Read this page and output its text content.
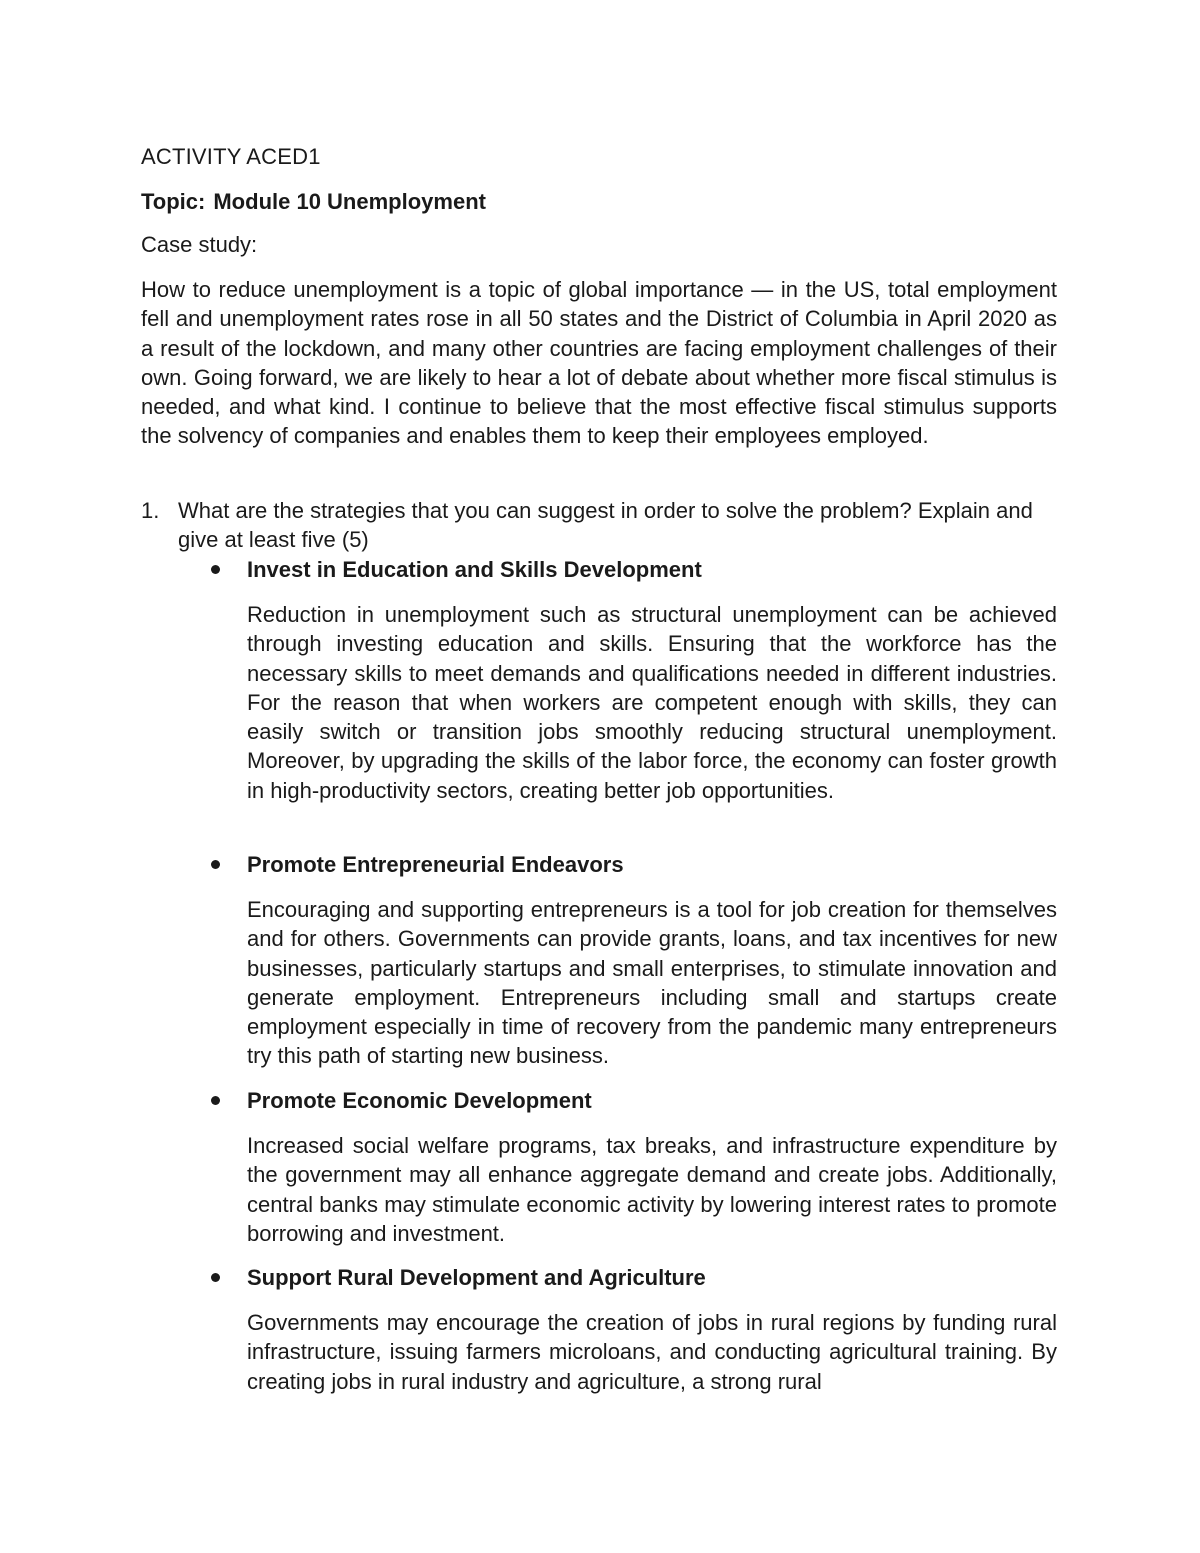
ACTIVITY ACED1
Topic: Module 10 Unemployment
Case study:
How to reduce unemployment is a topic of global importance — in the US, total employment fell and unemployment rates rose in all 50 states and the District of Columbia in April 2020 as a result of the lockdown, and many other countries are facing employment challenges of their own. Going forward, we are likely to hear a lot of debate about whether more fiscal stimulus is needed, and what kind. I continue to believe that the most effective fiscal stimulus supports the solvency of companies and enables them to keep their employees employed.
1. What are the strategies that you can suggest in order to solve the problem? Explain and give at least five (5)
Invest in Education and Skills Development
Reduction in unemployment such as structural unemployment can be achieved through investing education and skills. Ensuring that the workforce has the necessary skills to meet demands and qualifications needed in different industries. For the reason that when workers are competent enough with skills, they can easily switch or transition jobs smoothly reducing structural unemployment. Moreover, by upgrading the skills of the labor force, the economy can foster growth in high-productivity sectors, creating better job opportunities.
Promote Entrepreneurial Endeavors
Encouraging and supporting entrepreneurs is a tool for job creation for themselves and for others. Governments can provide grants, loans, and tax incentives for new businesses, particularly startups and small enterprises, to stimulate innovation and generate employment. Entrepreneurs including small and startups create employment especially in time of recovery from the pandemic many entrepreneurs try this path of starting new business.
Promote Economic Development
Increased social welfare programs, tax breaks, and infrastructure expenditure by the government may all enhance aggregate demand and create jobs. Additionally, central banks may stimulate economic activity by lowering interest rates to promote borrowing and investment.
Support Rural Development and Agriculture
Governments may encourage the creation of jobs in rural regions by funding rural infrastructure, issuing farmers microloans, and conducting agricultural training. By creating jobs in rural industry and agriculture, a strong rural
